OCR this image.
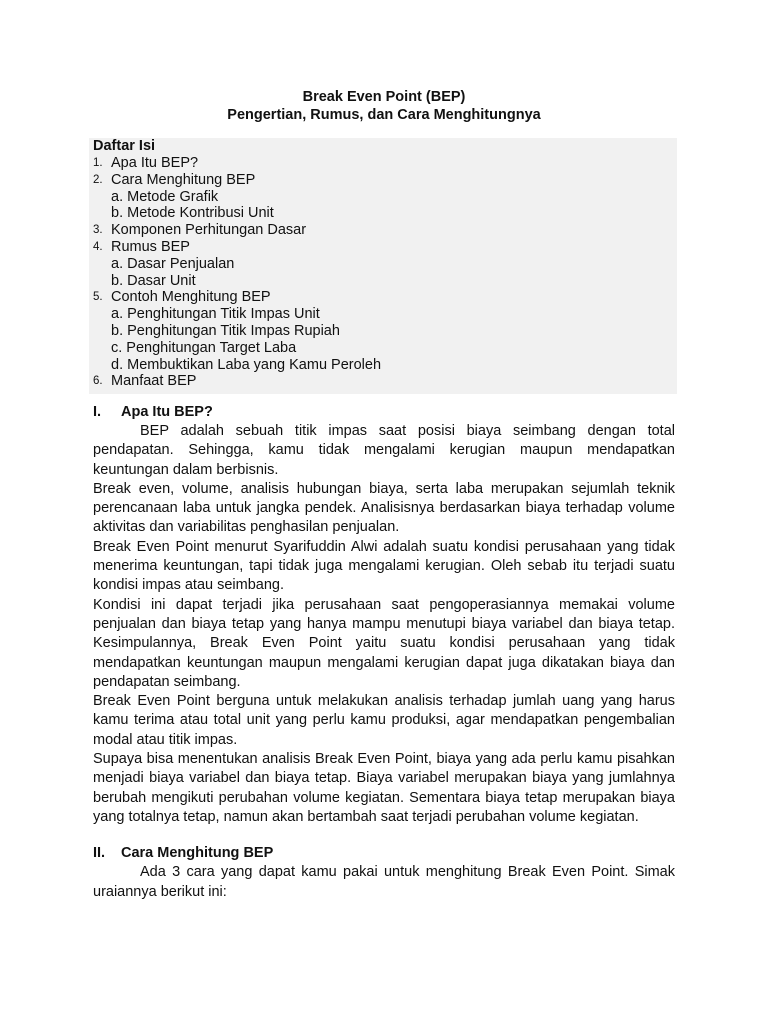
Break Even Point (BEP)
Pengertian, Rumus, dan Cara Menghitungnya
Daftar Isi
1. Apa Itu BEP?
2. Cara Menghitung BEP
a. Metode Grafik
b. Metode Kontribusi Unit
3. Komponen Perhitungan Dasar
4. Rumus BEP
a. Dasar Penjualan
b. Dasar Unit
5. Contoh Menghitung BEP
a. Penghitungan Titik Impas Unit
b. Penghitungan Titik Impas Rupiah
c. Penghitungan Target Laba
d. Membuktikan Laba yang Kamu Peroleh
6. Manfaat BEP
I.	Apa Itu BEP?

BEP adalah sebuah titik impas saat posisi biaya seimbang dengan total pendapatan. Sehingga, kamu tidak mengalami kerugian maupun mendapatkan keuntungan dalam berbisnis.

Break even, volume, analisis hubungan biaya, serta laba merupakan sejumlah teknik perencanaan laba untuk jangka pendek. Analisisnya berdasarkan biaya terhadap volume aktivitas dan variabilitas penghasilan penjualan.

Break Even Point menurut Syarifuddin Alwi adalah suatu kondisi perusahaan yang tidak menerima keuntungan, tapi tidak juga mengalami kerugian. Oleh sebab itu terjadi suatu kondisi impas atau seimbang.

Kondisi ini dapat terjadi jika perusahaan saat pengoperasiannya memakai volume penjualan dan biaya tetap yang hanya mampu menutupi biaya variabel dan biaya tetap. Kesimpulannya, Break Even Point yaitu suatu kondisi perusahaan yang tidak mendapatkan keuntungan maupun mengalami kerugian dapat juga dikatakan biaya dan pendapatan seimbang.

Break Even Point berguna untuk melakukan analisis terhadap jumlah uang yang harus kamu terima atau total unit yang perlu kamu produksi, agar mendapatkan pengembalian modal atau titik impas.

Supaya bisa menentukan analisis Break Even Point, biaya yang ada perlu kamu pisahkan menjadi biaya variabel dan biaya tetap. Biaya variabel merupakan biaya yang jumlahnya berubah mengikuti perubahan volume kegiatan. Sementara biaya tetap merupakan biaya yang totalnya tetap, namun akan bertambah saat terjadi perubahan volume kegiatan.

II.	Cara Menghitung BEP

Ada 3 cara yang dapat kamu pakai untuk menghitung Break Even Point. Simak uraiannya berikut ini:
